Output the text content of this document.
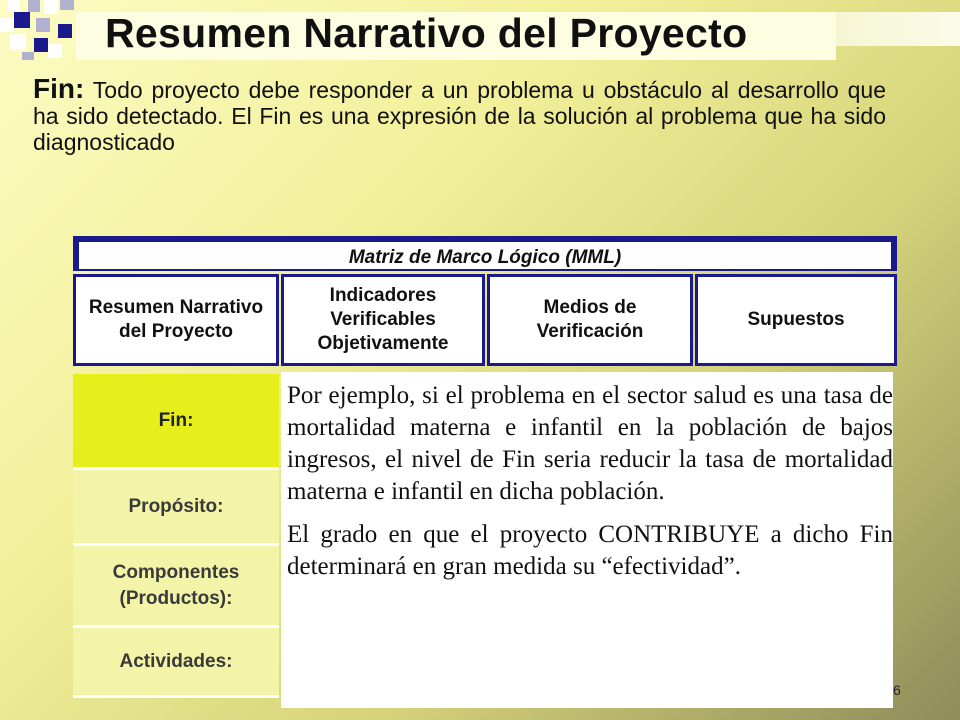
Resumen Narrativo del Proyecto

Fin: Todo proyecto debe responder a un problema u obstáculo al desarrollo que ha sido detectado. El Fin es una expresión de la solución al problema que ha sido diagnosticado

Matriz de Marco Lógico (MML)
Resumen Narrativo del Proyecto
Indicadores Verificables Objetivamente
Medios de Verificación
Supuestos
Fin:
Propósito:
Componentes (Productos):
Actividades:

Por ejemplo, si el problema en el sector salud es una tasa de mortalidad materna e infantil en la población de bajos ingresos, el nivel de Fin seria reducir la tasa de mortalidad materna e infantil en dicha población.

El grado en que el proyecto CONTRIBUYE a dicho Fin determinará en gran medida su “efectividad”.

6
